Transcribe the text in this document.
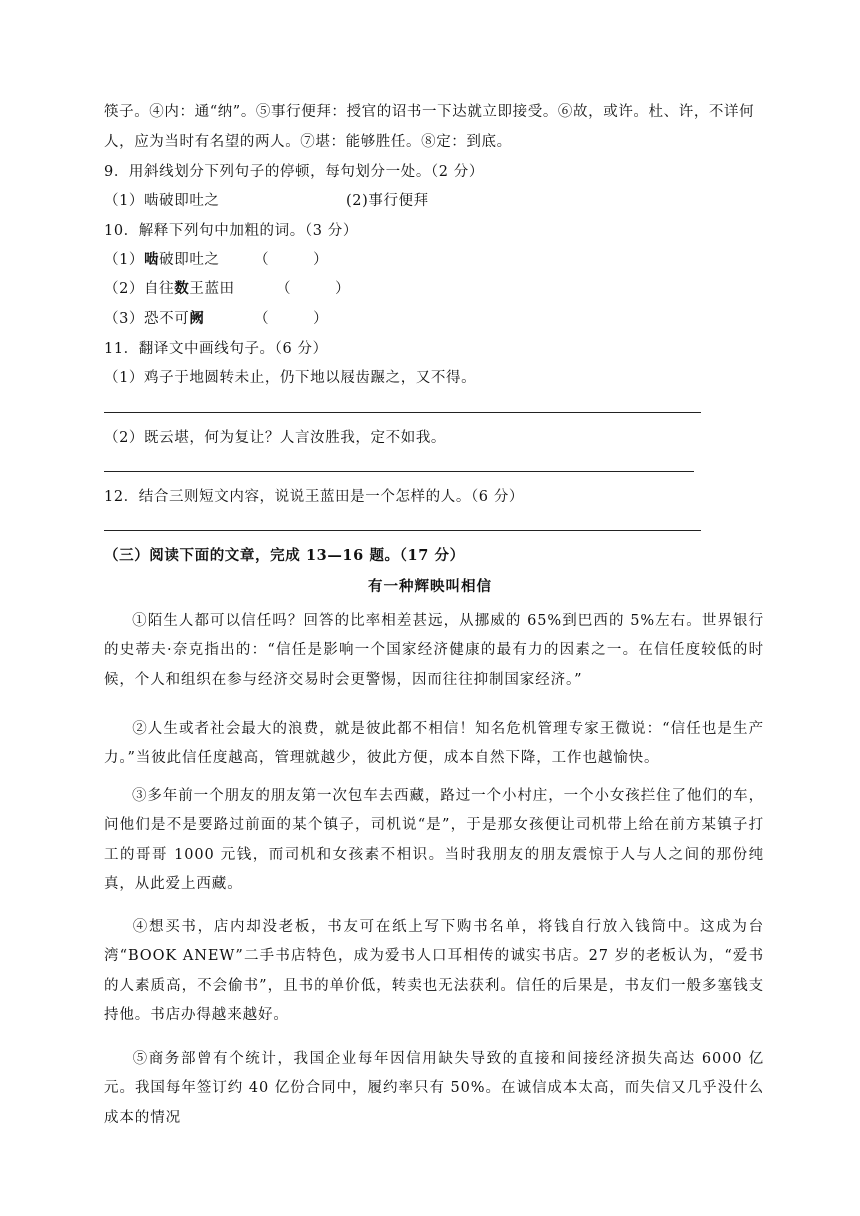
筷子。④内：通“纳”。⑤事行便拜：授官的诏书一下达就立即接受。⑥故，或许。杜、许，不详何
人，应为当时有名望的两人。⑦堪：能够胜任。⑧定：到底。
9．用斜线划分下列句子的停顿，每句划分一处。（2 分）
（1）啮破即吐之	(2)事行便拜
10．解释下列句中加粗的词。（3 分）
（1）啮破即吐之 （	）
（2）自往数王蓝田	（	）
（3）恐不可阙	（	）
11．翻译文中画线句子。（6 分）
（1）鸡子于地圆转未止，仍下地以屐齿蹍之，又不得。
（2）既云堪，何为复让？人言汝胜我，定不如我。
12．结合三则短文内容，说说王蓝田是一个怎样的人。（6 分）
（三）阅读下面的文章，完成 13—16 题。（17 分）
有一种辉映叫相信
①陌生人都可以信任吗？回答的比率相差甚远，从挪威的 65%到巴西的 5%左右。世界银行的史蒂夫·奈克指出的：“信任是影响一个国家经济健康的最有力的因素之一。在信任度较低的时候，个人和组织在参与经济交易时会更警惕，因而往往抑制国家经济。”
②人生或者社会最大的浪费，就是彼此都不相信！知名危机管理专家王微说：“信任也是生产力。”当彼此信任度越高，管理就越少，彼此方便，成本自然下降，工作也越愉快。
③多年前一个朋友的朋友第一次包车去西藏，路过一个小村庄，一个小女孩拦住了他们的车，问他们是不是要路过前面的某个镇子，司机说“是”，于是那女孩便让司机带上给在前方某镇子打工的哥哥 1000 元钱，而司机和女孩素不相识。当时我朋友的朋友震惊于人与人之间的那份纯真，从此爱上西藏。
④想买书，店内却没老板，书友可在纸上写下购书名单，将钱自行放入钱筒中。这成为台湾“BOOK ANEW”二手书店特色，成为爱书人口耳相传的诚实书店。27 岁的老板认为，“爱书的人素质高，不会偷书”，且书的单价低，转卖也无法获利。信任的后果是，书友们一般多塞钱支持他。书店办得越来越好。
⑤商务部曾有个统计，我国企业每年因信用缺失导致的直接和间接经济损失高达 6000 亿元。我国每年签订约 40 亿份合同中，履约率只有 50%。在诚信成本太高，而失信又几乎没什么成本的情况
